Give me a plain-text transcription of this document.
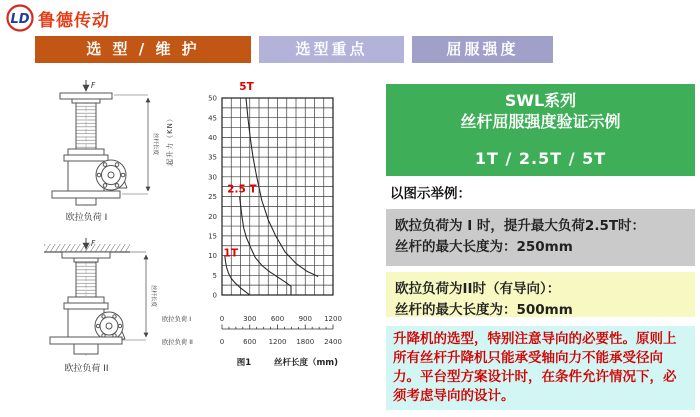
LD 鲁德传动
选 型 / 维 护	选型重点	屈服强度
F
丝杆长度
欧拉负荷 I
F
丝杆长度
欧拉负荷 II
0
5
10
15
20
25
30
35
40
45
50
起升力（KN）
1T
2.5 T
5T
欧拉负荷 I	0	300 600 900 1200
欧拉负荷 II	0	600 1200 1800 2400
图1	丝杆长度（mm)
SWL系列
丝杆屈服强度验证示例
1T / 2.5T / 5T
以图示举例：
欧拉负荷为 I 时，提升最大负荷2.5T时：
丝杆的最大长度为：250mm
欧拉负荷为II时（有导向）：
丝杆的最大长度为：500mm
升降机的选型，特别注意导向的必要性。原则上所有丝杆升降机只能承受轴向力不能承受径向力。平台型方案设计时，在条件允许情况下，必须考虑导向的设计。
